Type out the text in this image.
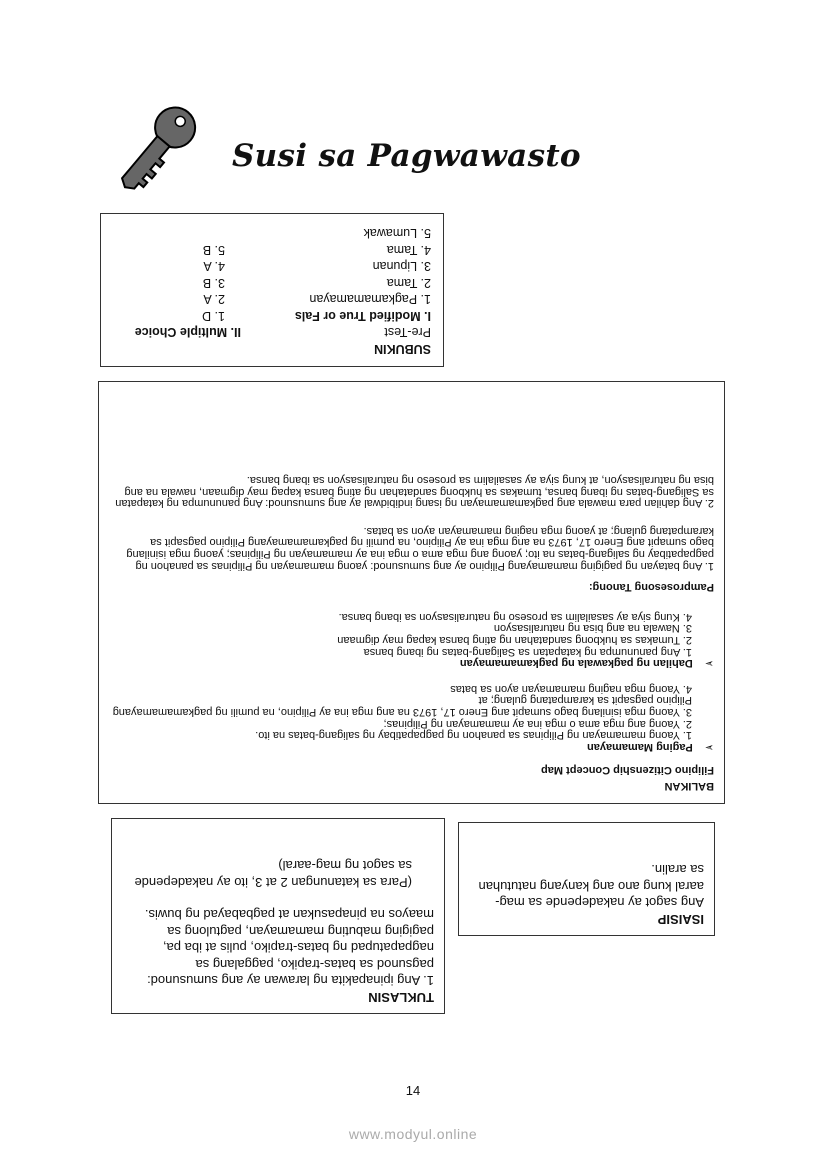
Susi sa Pagwawasto
SUBUKIN
Pre-Test
I. Modified True or Fals
1. Pagkamamamayan
2. Tama
3. Lipunan
4. Tama
5. Lumawak
II. Multiple Choice
1. D
2. A
3. B
4. A
5. B

BALIKAN

Filipino Citizenship Concept Map

➢
Paging Mamamayan
1. Yaong mamamayan ng Pilipinas sa panahon ng pagpapatibay ng saligang-batas na ito.
2. Yaong ang mga ama o mga ina ay mamamayan ng Pilipinas;
3. Yaong mga isinilang bago sumapit ang Enero 17, 1973 na ang mga ina ay Pilipino, na pumili ng pagkamamamayang Pilipino pagsapit sa karampatang gulang; at
4. Yaong mga naging mamamayan ayon sa batas
➢
Dahilan ng pagkawala ng pagkamamamayan
1. Ang panunumpa ng katapatan sa Saligang-batas ng ibang bansa
2. Tumakas sa hukbong sandatahan ng ating bansa kapag may digmaan
3. Nawala na ang bisa ng naturalisasyon
4. Kung siya ay sasailalim sa proseso ng naturalisasyon sa ibang bansa.

Pamprosesong Tanong:

1. Ang batayan ng pagiging mamamayang Pilipino ay ang sumusunod: yaong mamamayan ng Pilipinas sa panahon ng pagpapatibay ng saligang-batas na ito; yaong ang mga ama o mga ina ay mamamayan ng Pilipinas; yaong mga isinilang bago sumapit ang Enero 17, 1973 na ang mga ina ay Pilipino, na pumili ng pagkamamamayang Pilipino pagsapit sa karampatang gulang; at yaong mga naging mamamayan ayon sa batas.

2. Ang dahilan para mawala ang pagkamamamayan ng isang indibidwal ay ang sumusunod: Ang panunumpa ng katapatan sa Saligang-batas ng ibang bansa, tumakas sa hukbong sandatahan ng ating bansa kapag may digmaan, nawala na ang bisa ng naturalisasyon, at kung siya ay sasailalim sa proseso ng naturalisasyon sa ibang bansa.

ISAISIP
Ang sagot ay nakadepende sa mag-aaral kung ano ang kanyang natutuhan sa aralin.
TUKLASIN
1. Ang ipinapakita ng larawan ay ang sumusunod: pagsunod sa batas-trapiko, paggalang sa nagpapatupad ng batas-trapiko, pulis at iba pa, pagiging mabuting mamamayan, pagtulong sa maayos na pinapasukan at pagbabayad ng buwis.
(Para sa katanungan 2 at 3, ito ay nakadepende sa sagot ng mag-aaral)
14
www.modyul.online
